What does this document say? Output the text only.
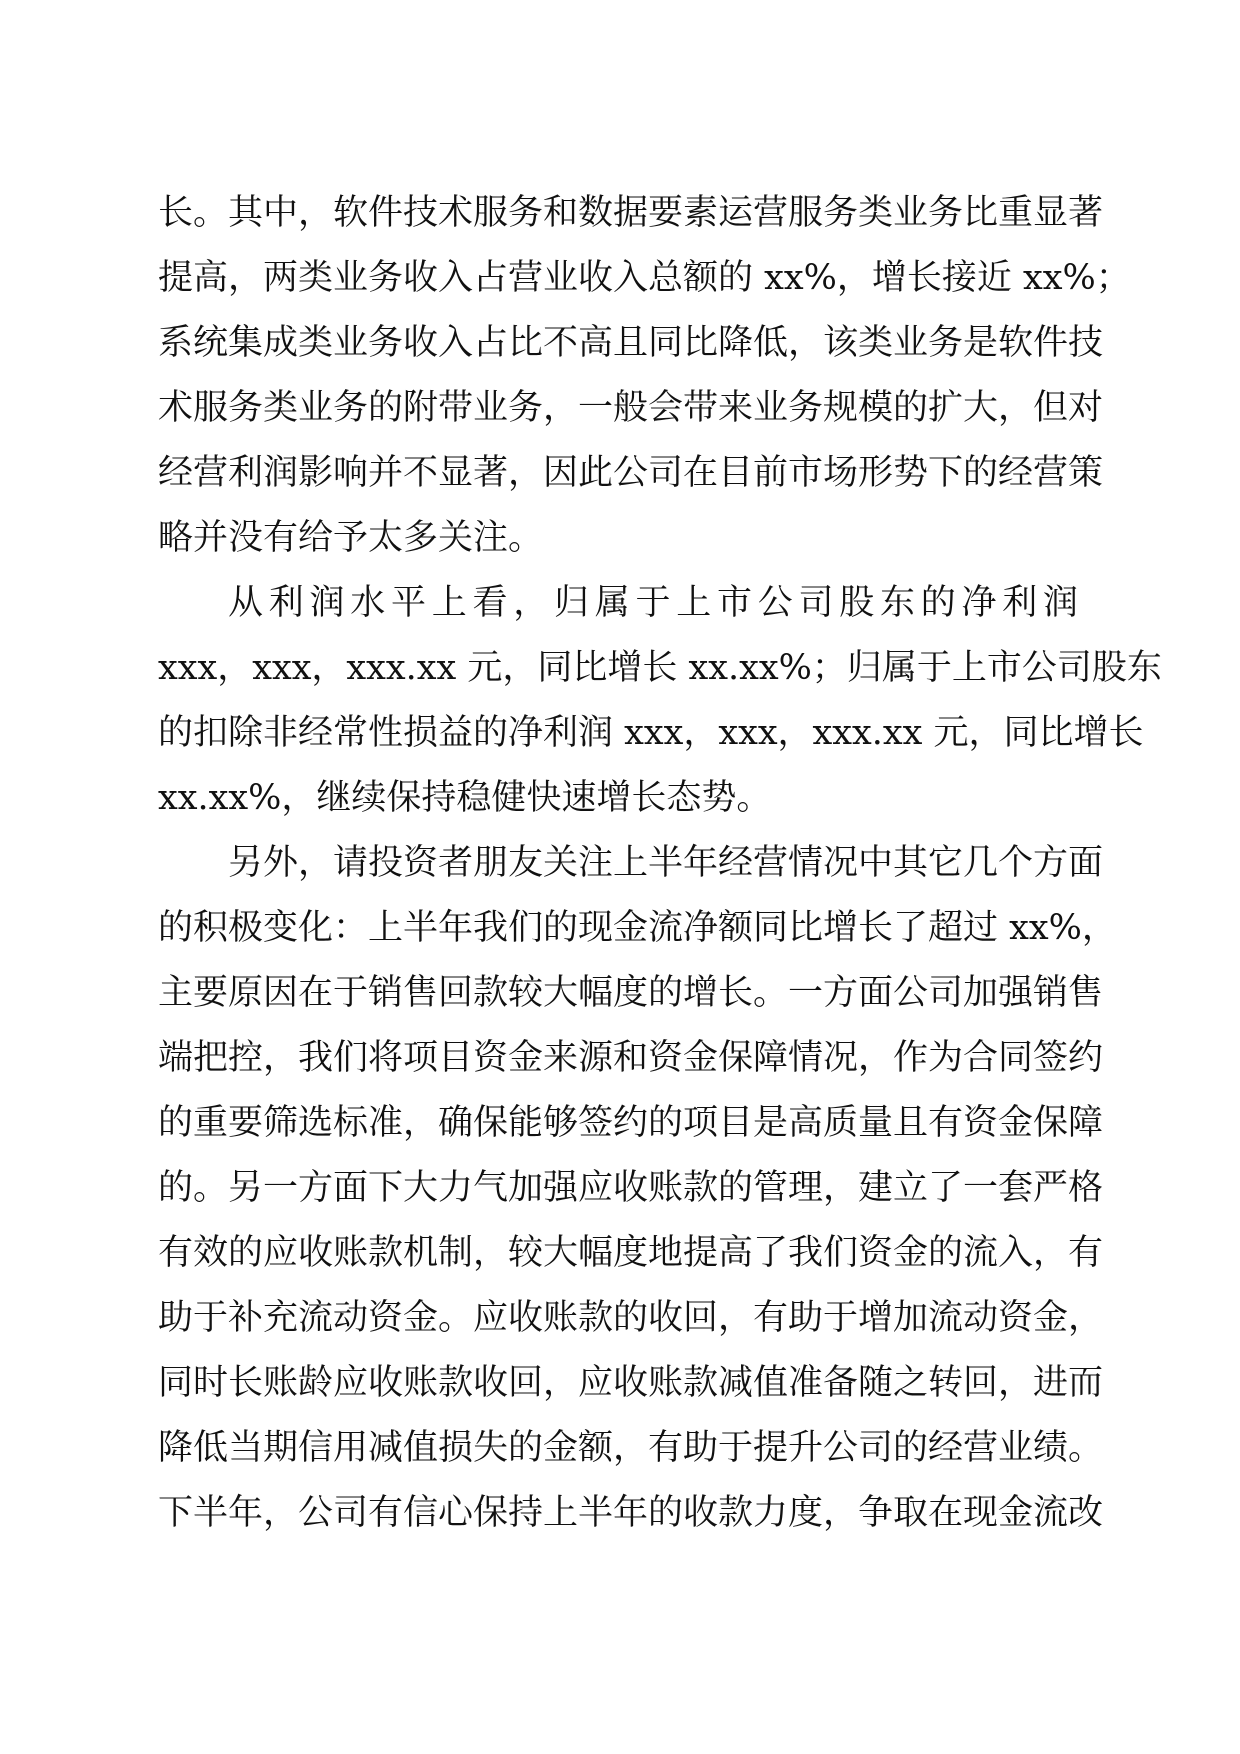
长。其中，软件技术服务和数据要素运营服务类业务比重显著
提高，两类业务收入占营业收入总额的 xx%，增长接近 xx%；
系统集成类业务收入占比不高且同比降低，该类业务是软件技
术服务类业务的附带业务，一般会带来业务规模的扩大，但对
经营利润影响并不显著，因此公司在目前市场形势下的经营策
略并没有给予太多关注。
从利润水平上看，归属于上市公司股东的净利润
xxx，xxx，xxx.xx 元，同比增长 xx.xx%；归属于上市公司股东
的扣除非经常性损益的净利润 xxx，xxx，xxx.xx 元，同比增长
xx.xx%，继续保持稳健快速增长态势。
另外，请投资者朋友关注上半年经营情况中其它几个方面
的积极变化：上半年我们的现金流净额同比增长了超过 xx%，
主要原因在于销售回款较大幅度的增长。一方面公司加强销售
端把控，我们将项目资金来源和资金保障情况，作为合同签约
的重要筛选标准，确保能够签约的项目是高质量且有资金保障
的。另一方面下大力气加强应收账款的管理，建立了一套严格
有效的应收账款机制，较大幅度地提高了我们资金的流入，有
助于补充流动资金。应收账款的收回，有助于增加流动资金，
同时长账龄应收账款收回，应收账款减值准备随之转回，进而
降低当期信用减值损失的金额，有助于提升公司的经营业绩。
下半年，公司有信心保持上半年的收款力度，争取在现金流改
